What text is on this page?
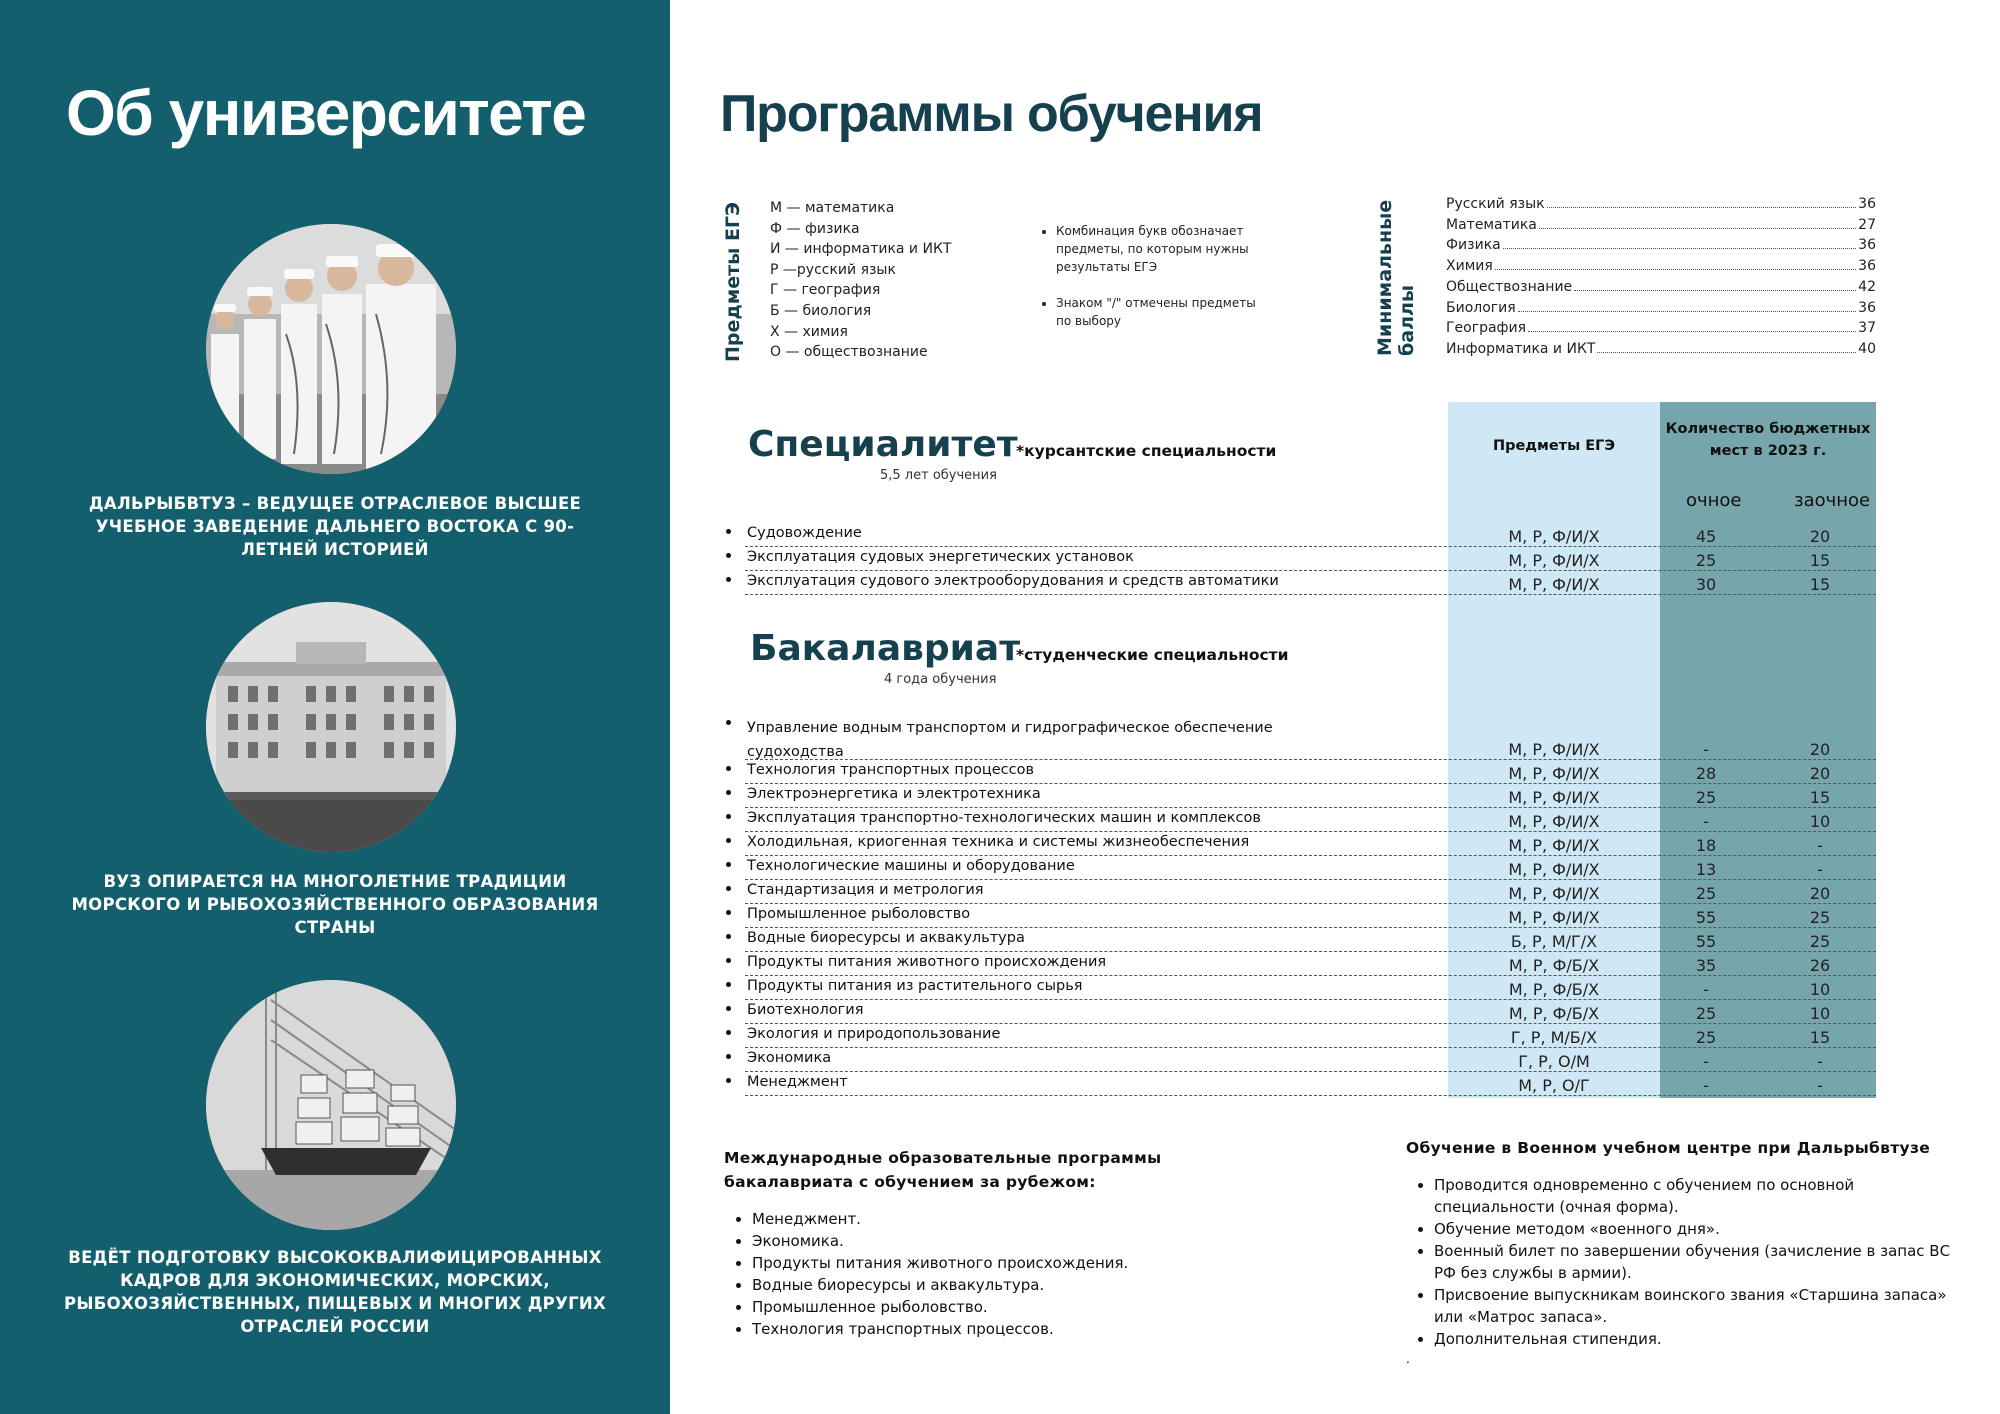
Об университете
ДАЛЬРЫБВТУЗ – ВЕДУЩЕЕ ОТРАСЛЕВОЕ ВЫСШЕЕ УЧЕБНОЕ ЗАВЕДЕНИЕ ДАЛЬНЕГО ВОСТОКА С 90-ЛЕТНЕЙ ИСТОРИЕЙ
ВУЗ ОПИРАЕТСЯ НА МНОГОЛЕТНИЕ ТРАДИЦИИ МОРСКОГО И РЫБОХОЗЯЙСТВЕННОГО ОБРАЗОВАНИЯ СТРАНЫ
ВЕДЁТ ПОДГОТОВКУ ВЫСОКОКВАЛИФИЦИРОВАННЫХ КАДРОВ ДЛЯ ЭКОНОМИЧЕСКИХ, МОРСКИХ, РЫБОХОЗЯЙСТВЕННЫХ, ПИЩЕВЫХ И МНОГИХ ДРУГИХ ОТРАСЛЕЙ РОССИИ
Программы обучения
Предметы ЕГЭ М — математика
Ф — физика
И — информатика и ИКТ
Р —русский язык
Г — география
Б — биология
Х — химия
О — обществознание
• Комбинация букв обозначает предметы, по которым нужны результаты ЕГЭ
• Знаком "/" отмечены предметы по выбору	Минимальные баллы
Русский язык	36
Математика	27
Физика	36
Химия	36
Обществознание	42
Биология	36
География	37
Информатика и ИКТ	40
Предметы ЕГЭ
Количество бюджетных мест в 2023 г.
очное	заочное
Специалитет
*курсантские специальности
5,5 лет обучения
Судовождение	М, Р, Ф/И/Х	45	20
Эксплуатация судовых энергетических установок	М, Р, Ф/И/Х	25	15
Эксплуатация судового электрооборудования и средств автоматики	М, Р, Ф/И/Х	30	15
Бакалавриат
*студенческие специальности
4 года обучения
Управление водным транспортом и гидрографическое обеспечение
судоходства	М, Р, Ф/И/Х	-	20
Технология транспортных процессов	М, Р, Ф/И/Х	28	20
Электроэнергетика и электротехника	М, Р, Ф/И/Х	25	15
Эксплуатация транспортно-технологических машин и комплексов	М, Р, Ф/И/Х	-	10
Холодильная, криогенная техника и системы жизнеобеспечения	М, Р, Ф/И/Х	18	-
Технологические машины и оборудование	М, Р, Ф/И/Х	13	-
Стандартизация и метрология	М, Р, Ф/И/Х	25	20
Промышленное рыболовство	М, Р, Ф/И/Х	55	25
Водные биоресурсы и аквакультура	Б, Р, М/Г/Х	55	25
Продукты питания животного происхождения	М, Р, Ф/Б/Х	35	26
Продукты питания из растительного сырья	М, Р, Ф/Б/Х	-	10
Биотехнология	М, Р, Ф/Б/Х	25	10
Экология и природопользование	Г, Р, М/Б/Х	25	15
Экономика	Г, Р, О/М	-	-
Менеджмент	М, Р, О/Г	-	-
Международные образовательные программы
бакалавриата с обучением за рубежом:
• Менеджмент.
• Экономика.
• Продукты питания животного происхождения.
• Водные биоресурсы и аквакультура.
• Промышленное рыболовство.
• Технология транспортных процессов.
Обучение в Военном учебном центре при Дальрыбвтузе
• Проводится одновременно с обучением по основной специальности (очная форма).
• Обучение методом «военного дня».
• Военный билет по завершении обучения (зачисление в запас ВС РФ без службы в армии).
• Присвоение выпускникам воинского звания «Старшина запаса» или «Матрос запаса».
• Дополнительная стипендия.
.
